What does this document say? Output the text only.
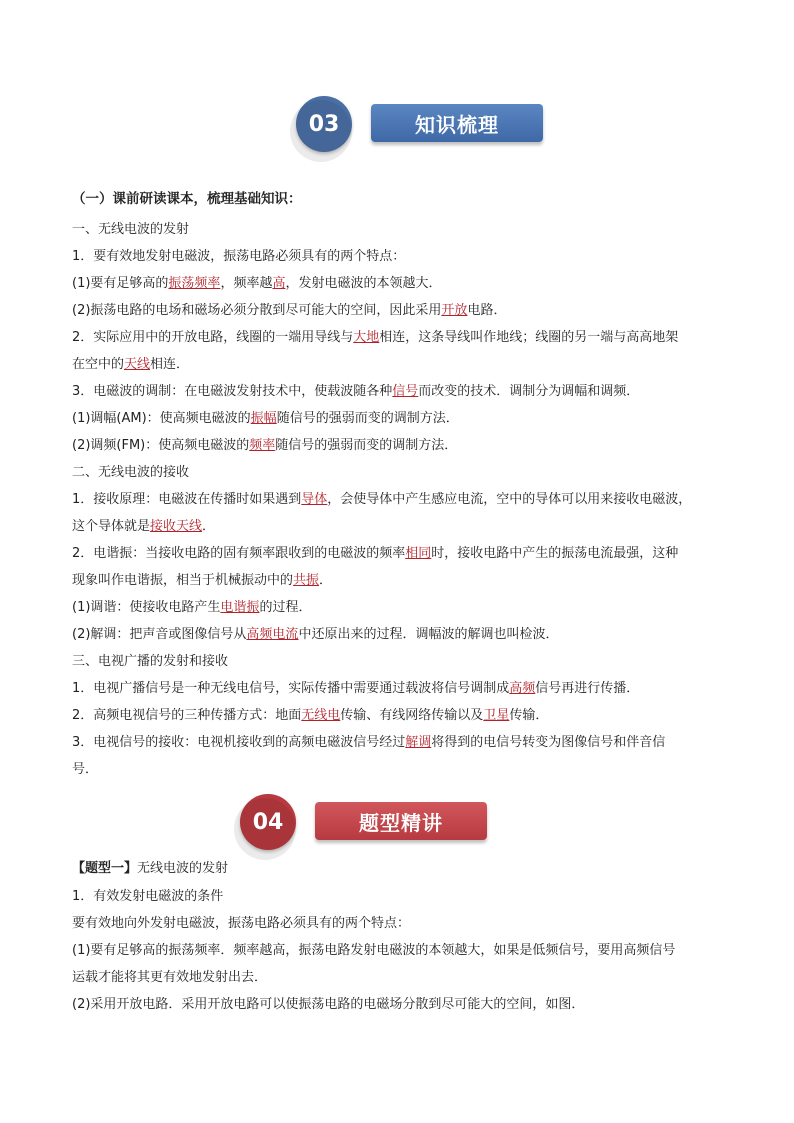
03	知识梳理
04	题型精讲
（一）课前研读课本，梳理基础知识：
一、无线电波的发射
1．要有效地发射电磁波，振荡电路必须具有的两个特点：
(1)要有足够高的振荡频率，频率越高，发射电磁波的本领越大．
(2)振荡电路的电场和磁场必须分散到尽可能大的空间，因此采用开放电路．
2．实际应用中的开放电路，线圈的一端用导线与大地相连，这条导线叫作地线；线圈的另一端与高高地架
在空中的天线相连．
3．电磁波的调制：在电磁波发射技术中，使载波随各种信号而改变的技术．调制分为调幅和调频．
(1)调幅(AM)：使高频电磁波的振幅随信号的强弱而变的调制方法．
(2)调频(FM)：使高频电磁波的频率随信号的强弱而变的调制方法．
二、无线电波的接收
1．接收原理：电磁波在传播时如果遇到导体，会使导体中产生感应电流，空中的导体可以用来接收电磁波，
这个导体就是接收天线．
2．电谐振：当接收电路的固有频率跟收到的电磁波的频率相同时，接收电路中产生的振荡电流最强，这种
现象叫作电谐振，相当于机械振动中的共振．
(1)调谐：使接收电路产生电谐振的过程．
(2)解调：把声音或图像信号从高频电流中还原出来的过程．调幅波的解调也叫检波．
三、电视广播的发射和接收
1．电视广播信号是一种无线电信号，实际传播中需要通过载波将信号调制成高频信号再进行传播．
2．高频电视信号的三种传播方式：地面无线电传输、有线网络传输以及卫星传输．
3．电视信号的接收：电视机接收到的高频电磁波信号经过解调将得到的电信号转变为图像信号和伴音信
号．
【题型一】无线电波的发射
1．有效发射电磁波的条件
要有效地向外发射电磁波，振荡电路必须具有的两个特点：
(1)要有足够高的振荡频率．频率越高，振荡电路发射电磁波的本领越大，如果是低频信号，要用高频信号
运载才能将其更有效地发射出去．
(2)采用开放电路．采用开放电路可以使振荡电路的电磁场分散到尽可能大的空间，如图．
